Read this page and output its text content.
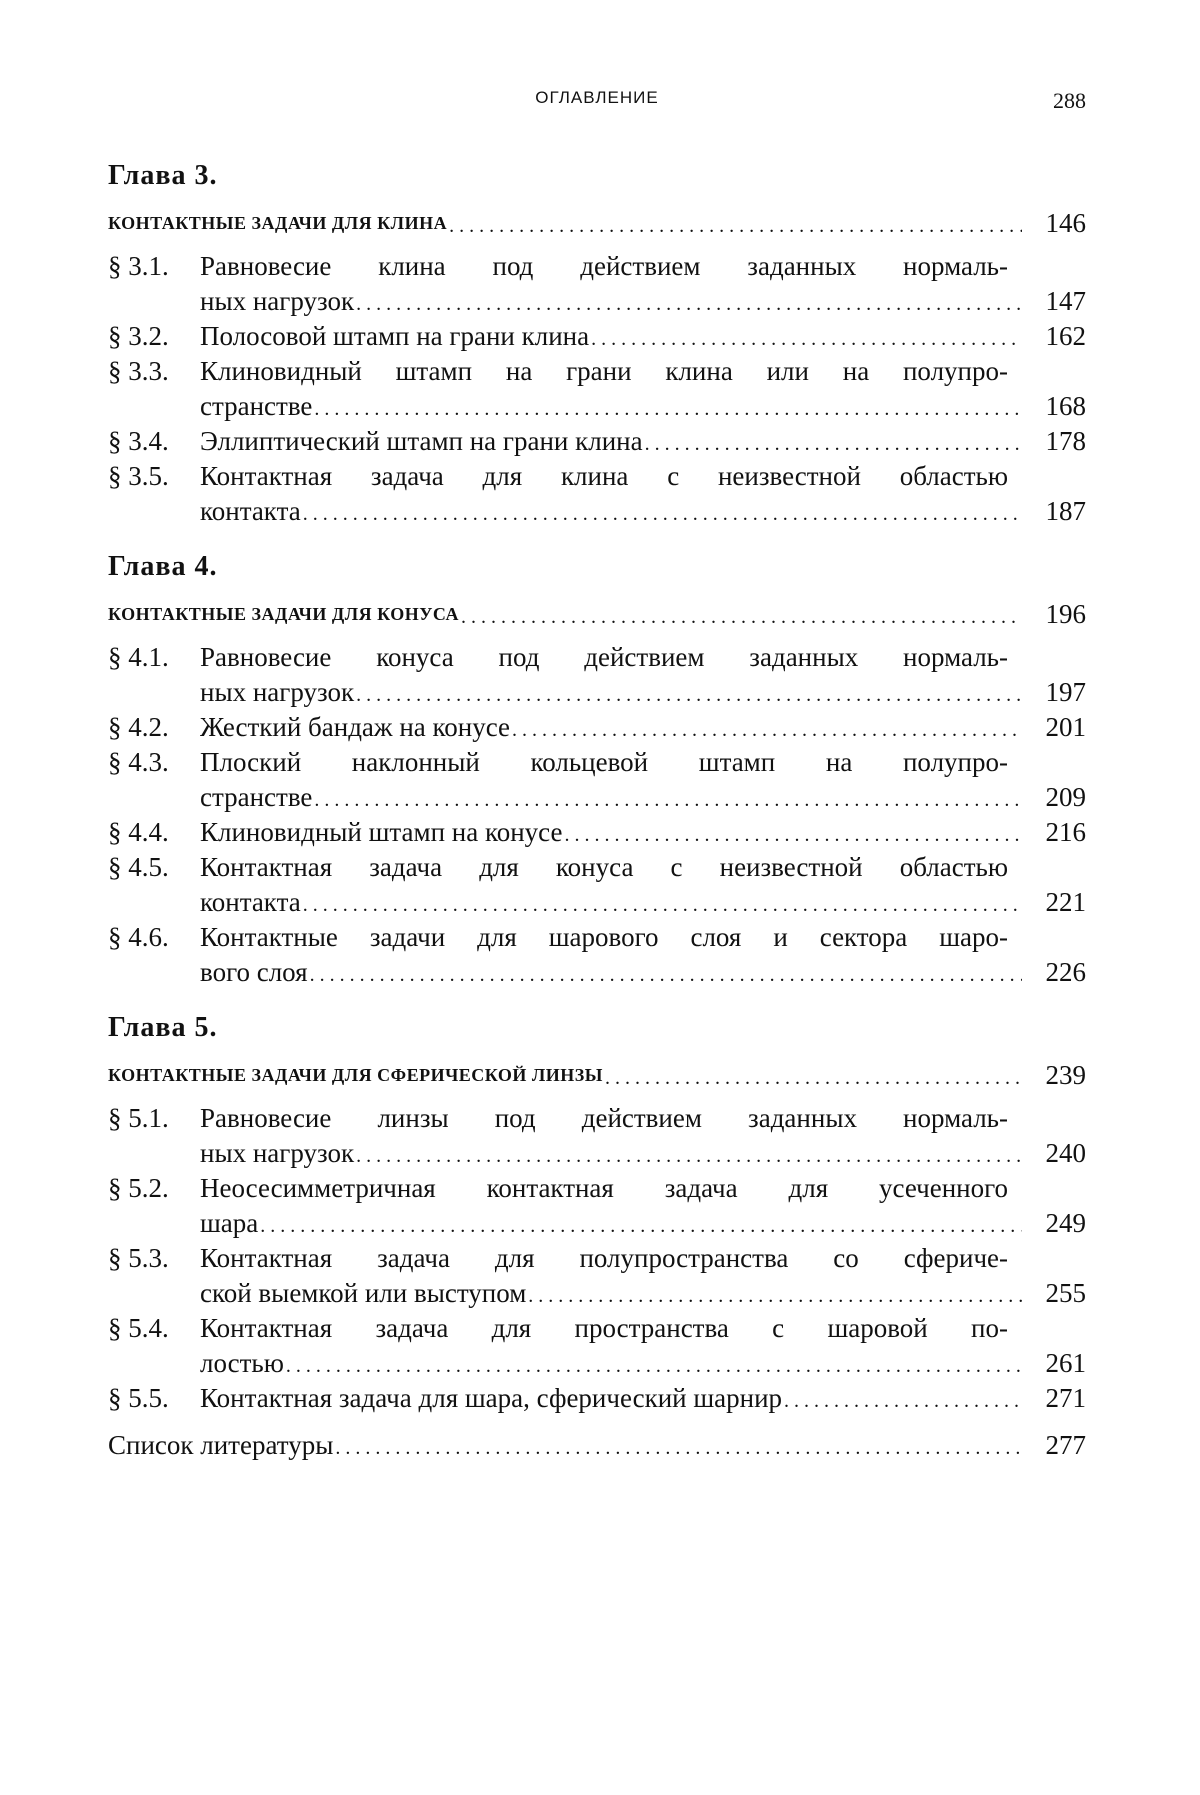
ОГЛАВЛЕНИЕ	288
Глава 3.
КОНТАКТНЫЕ ЗАДАЧИ ДЛЯ КЛИНА . . .	146
§ 3.1.	Равновесие клина под действием заданных нормаль-
ных нагрузок . . .	147
§ 3.2.	Полосовой штамп на грани клина . . .	162
§ 3.3.	Клиновидный штамп на грани клина или на полупро-
странстве . . .	168
§ 3.4.	Эллиптический штамп на грани клина . . .	178
§ 3.5.	Контактная задача для клина с неизвестной областью
контакта . . .	187
Глава 4.
КОНТАКТНЫЕ ЗАДАЧИ ДЛЯ КОНУСА . . .	196
§ 4.1.	Равновесие конуса под действием заданных нормаль-
ных нагрузок . . .	197
§ 4.2.	Жесткий бандаж на конусе . . .	201
§ 4.3.	Плоский наклонный кольцевой штамп на полупро-
странстве . . .	209
§ 4.4.	Клиновидный штамп на конусе . . .	216
§ 4.5.	Контактная задача для конуса с неизвестной областью
контакта . . .	221
§ 4.6.	Контактные задачи для шарового слоя и сектора шаро-
вого слоя . . .	226
Глава 5.
КОНТАКТНЫЕ ЗАДАЧИ ДЛЯ СФЕРИЧЕСКОЙ ЛИНЗЫ . . .	239
§ 5.1.	Равновесие линзы под действием заданных нормаль-
ных нагрузок . . .	240
§ 5.2.	Неосесимметричная контактная задача для усеченного
шара . . .	249
§ 5.3.	Контактная задача для полупространства со сфериче-
ской выемкой или выступом . . .	255
§ 5.4.	Контактная задача для пространства с шаровой по-
лостью . . .	261
§ 5.5.	Контактная задача для шара, сферический шарнир . . .	271
Список литературы . . .	277
